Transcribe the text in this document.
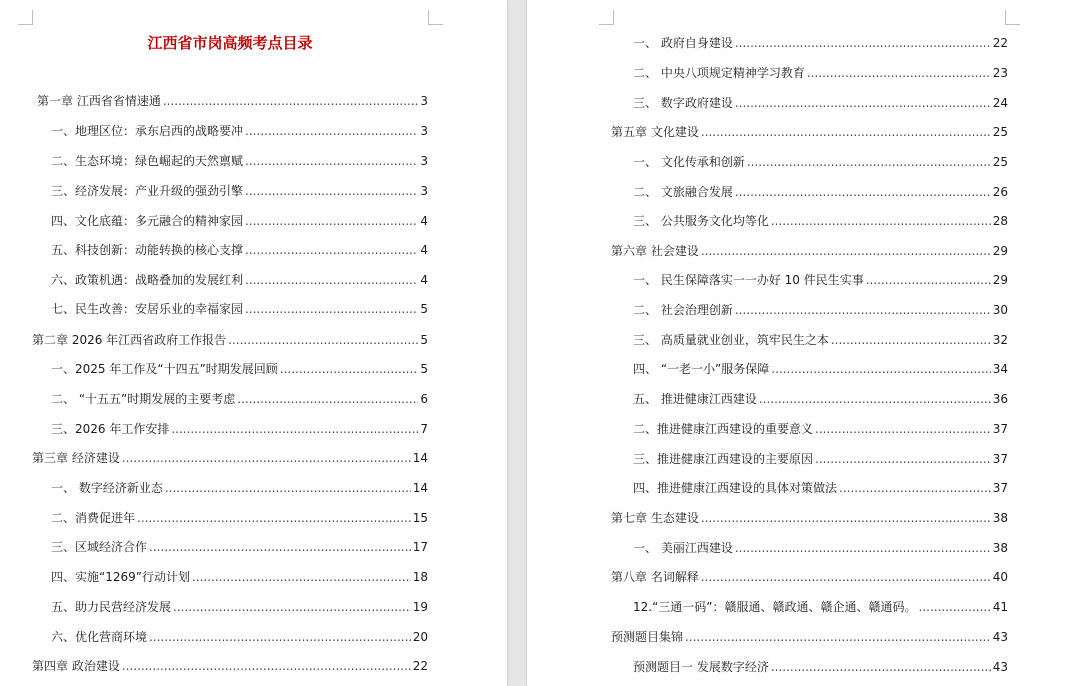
江西省市岗高频考点目录
第一章 江西省省情速通 .....	3
一、地理区位：承东启西的战略要冲 .....	3
二、生态环境：绿色崛起的天然禀赋 .....	3
三、经济发展：产业升级的强劲引擎 .....	3
四、文化底蕴：多元融合的精神家园 .....	4
五、科技创新：动能转换的核心支撑 .....	4
六、政策机遇：战略叠加的发展红利 .....	4
七、民生改善：安居乐业的幸福家园 .....	5
第二章 2026 年江西省政府工作报告 .....	5
一、2025 年工作及“十四五”时期发展回顾 .....	5
二、 “十五五”时期发展的主要考虑 .....	6
三、2026 年工作安排 .....	7
第三章 经济建设 .....	14
一、 数字经济新业态 .....	14
二、消费促进年 .....	15
三、区域经济合作 .....	17
四、实施“1269”行动计划 .....	18
五、助力民营经济发展 .....	19
六、优化营商环境 .....	20
第四章 政治建设 .....	22
一、 政府自身建设 .....	22
二、 中央八项规定精神学习教育 .....	23
三、 数字政府建设 .....	24
第五章 文化建设 .....	25
一、 文化传承和创新 .....	25
二、 文旅融合发展 .....	26
三、 公共服务文化均等化 .....	28
第六章 社会建设 .....	29
一、 民生保障落实一一办好 10 件民生实事 .....	29
二、 社会治理创新 .....	30
三、 高质量就业创业，筑牢民生之本 .....	32
四、 “一老一小”服务保障 .....	34
五、 推进健康江西建设 .....	36
二、推进健康江西建设的重要意义 .....	37
三、推进健康江西建设的主要原因 .....	37
四、推进健康江西建设的具体对策做法 .....	37
第七章 生态建设 .....	38
一、 美丽江西建设 .....	38
第八章 名词解释 .....	40
12.“三通一码”：赣服通、赣政通、赣企通、赣通码。 .....	41
预测题目集锦 .....	43
预测题目一 发展数字经济 .....	43
